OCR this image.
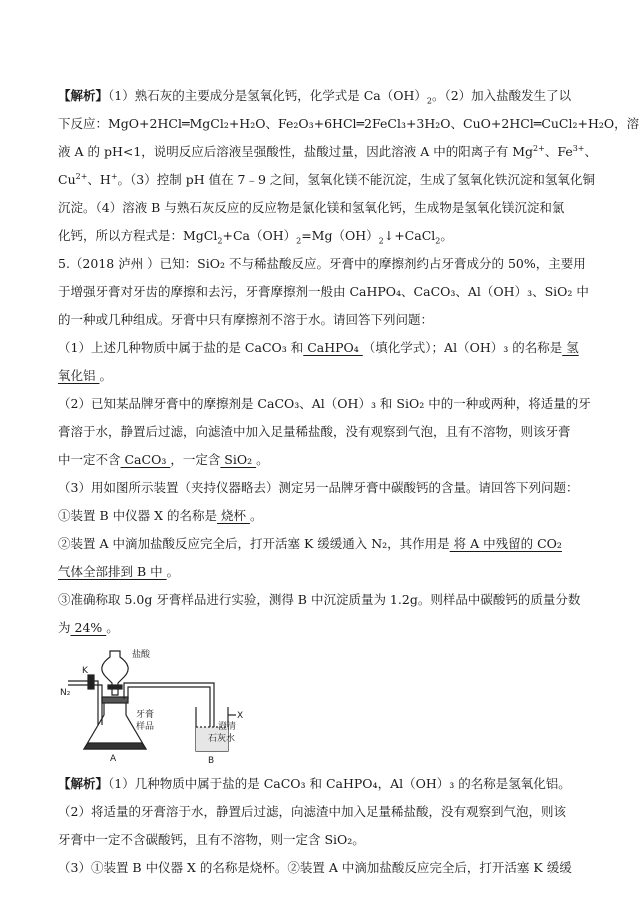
【解析】（1）熟石灰的主要成分是氢氧化钙，化学式是 $Ca(OH)_2$。（2）加入盐酸发生了以
下反应：MgO+2HCl═MgCl₂+H₂O、Fe₂O₃+6HCl═2FeCl₃+3H₂O、CuO+2HCl═CuCl₂+H₂O，溶
液 A 的 pH<1，说明反应后溶液呈强酸性，盐酸过量，因此溶液 A 中的阳离子有 $Mg^{2+}$、$Fe^{3+}$、
$Cu^{2+}$、H+。（3）控制 pH 值在 7﹣9 之间，氢氧化镁不能沉淀，生成了氢氧化铁沉淀和氢氧化铜
沉淀。（4）溶液 B 与熟石灰反应的反应物是氯化镁和氢氧化钙，生成物是氢氧化镁沉淀和氯
化钙，所以方程式是：$MgCl_2+Ca(OH)_2=Mg(OH)_2↓+CaCl_2$。
5.（2018 泸州 ）已知：SiO₂ 不与稀盐酸反应。牙膏中的摩擦剂约占牙膏成分的 50%，主要用
于增强牙膏对牙齿的摩擦和去污，牙膏摩擦剂一般由 CaHPO₄、CaCO₃、Al（OH）₃、SiO₂ 中
的一种或几种组成。牙膏中只有摩擦剂不溶于水。请回答下列问题：
（1）上述几种物质中属于盐的是 CaCO₃ 和 CaHPO₄ （填化学式）；Al（OH）₃ 的名称是 氢
氧化铝 。
（2）已知某品牌牙膏中的摩擦剂是 CaCO₃、Al（OH）₃ 和 SiO₂ 中的一种或两种，将适量的牙
膏溶于水，静置后过滤，向滤渣中加入足量稀盐酸，没有观察到气泡，且有不溶物，则该牙膏
中一定不含 CaCO₃ ，一定含 SiO₂ 。
（3）用如图所示装置（夹持仪器略去）测定另一品牌牙膏中碳酸钙的含量。请回答下列问题：
①装置 B 中仪器 X 的名称是 烧杯 。
②装置 A 中滴加盐酸反应完全后，打开活塞 K 缓缓通入 N₂，其作用是 将 A 中残留的 CO₂
气体全部排到 B 中 。
③准确称取 5.0g 牙膏样品进行实验，测得 B 中沉淀质量为 1.2g。则样品中碳酸钙的质量分数
为 24% 。
盐酸
K
N₂
牙膏
样品
X
澄清
石灰水
A	B
【解析】（1）几种物质中属于盐的是 CaCO₃ 和 CaHPO₄，Al（OH）₃ 的名称是氢氧化铝。
（2）将适量的牙膏溶于水，静置后过滤，向滤渣中加入足量稀盐酸，没有观察到气泡，则该
牙膏中一定不含碳酸钙，且有不溶物，则一定含 SiO₂。
（3）①装置 B 中仪器 X 的名称是烧杯。②装置 A 中滴加盐酸反应完全后，打开活塞 K 缓缓
